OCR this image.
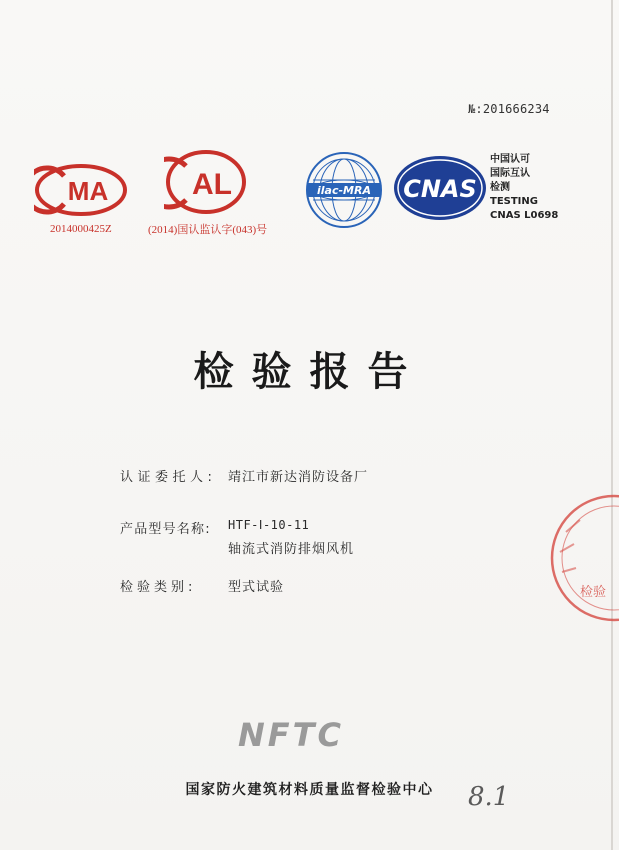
№:201666234
MA
2014000425Z
AL
(2014)国认监认字(043)号
ilac-MRA CNAS
中国认可
国际互认
检测
TESTING
CNAS L0698
检验报告
认证委托人: 靖江市新达消防设备厂
产品型号名称: HTF-Ⅰ-10-11
轴流式消防排烟风机
检验类别: 型式试验	检验
NFTC
国家防火建筑材料质量监督检验中心	8.1
